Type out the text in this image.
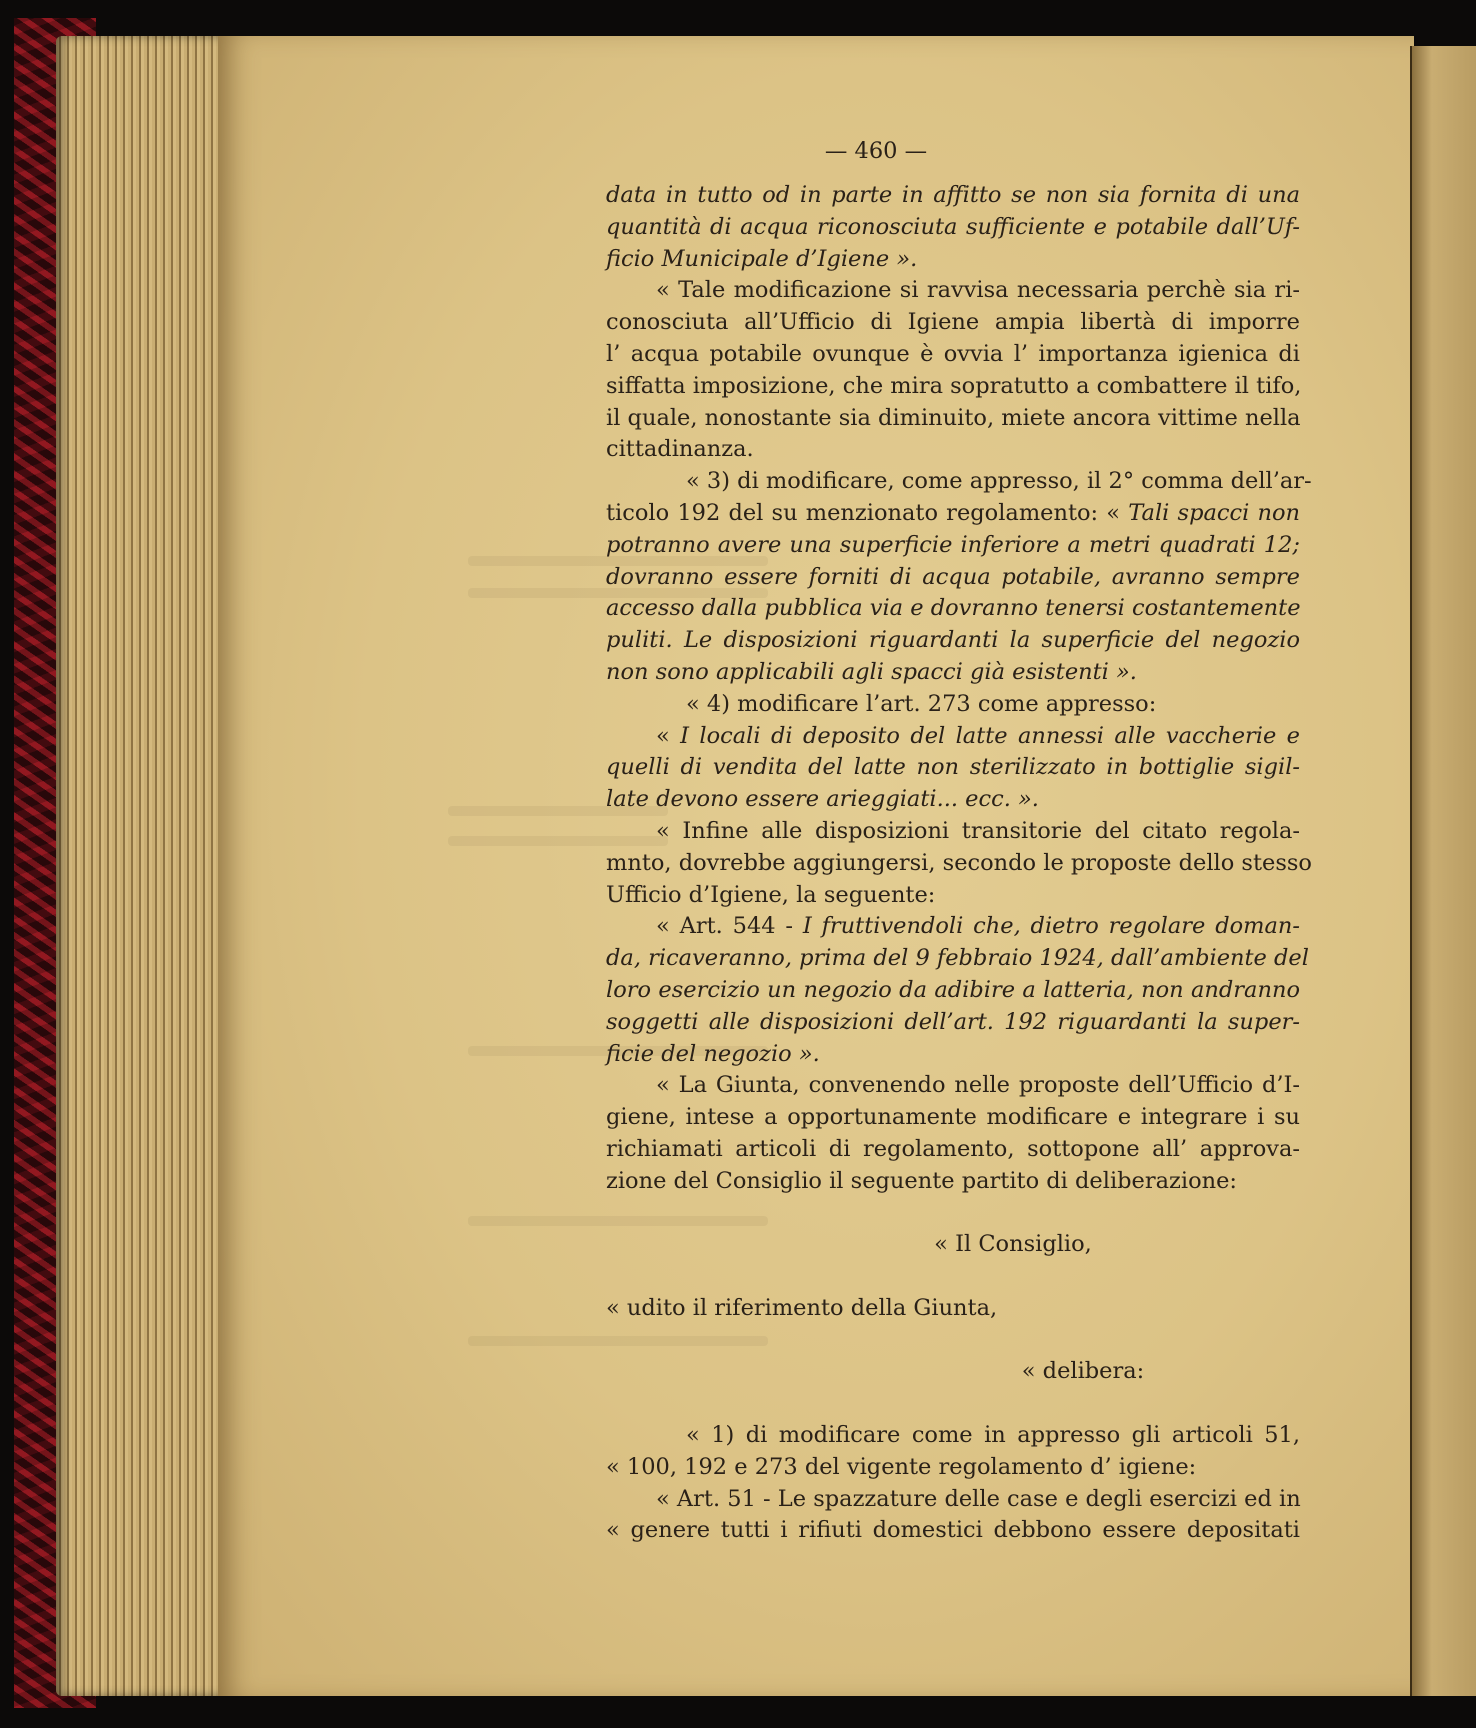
— 460 —
data in tutto od in parte in affitto se non sia fornita di una
quantità di acqua riconosciuta sufficiente e potabile dall’Uf-
ficio Municipale d’Igiene ».
« Tale modificazione si ravvisa necessaria perchè sia ri-
conosciuta all’Ufficio di Igiene ampia libertà di imporre
l’ acqua potabile ovunque è ovvia l’ importanza igienica di
siffatta imposizione, che mira sopratutto a combattere il tifo,
il quale, nonostante sia diminuito, miete ancora vittime nella
cittadinanza.
« 3) di modificare, come appresso, il 2° comma dell’ar-
ticolo 192 del su menzionato regolamento: « Tali spacci non
potranno avere una superficie inferiore a metri quadrati 12;
dovranno essere forniti di acqua potabile, avranno sempre
accesso dalla pubblica via e dovranno tenersi costantemente
puliti. Le disposizioni riguardanti la superficie del negozio
non sono applicabili agli spacci già esistenti ».
« 4) modificare l’art. 273 come appresso:
« I locali di deposito del latte annessi alle vaccherie e
quelli di vendita del latte non sterilizzato in bottiglie sigil-
late devono essere arieggiati... ecc. ».
« Infine alle disposizioni transitorie del citato regola-
mnto, dovrebbe aggiungersi, secondo le proposte dello stesso
Ufficio d’Igiene, la seguente:
« Art. 544 - I fruttivendoli che, dietro regolare doman-
da, ricaveranno, prima del 9 febbraio 1924, dall’ambiente del
loro esercizio un negozio da adibire a latteria, non andranno
soggetti alle disposizioni dell’art. 192 riguardanti la super-
ficie del negozio ».
« La Giunta, convenendo nelle proposte dell’Ufficio d’I-
giene, intese a opportunamente modificare e integrare i su
richiamati articoli di regolamento, sottopone all’ approva-
zione del Consiglio il seguente partito di deliberazione:
« Il Consiglio,
« udito il riferimento della Giunta,
« delibera:
« 1) di modificare come in appresso gli articoli 51,
« 100, 192 e 273 del vigente regolamento d’ igiene:
« Art. 51 - Le spazzature delle case e degli esercizi ed in
« genere tutti i rifiuti domestici debbono essere depositati
